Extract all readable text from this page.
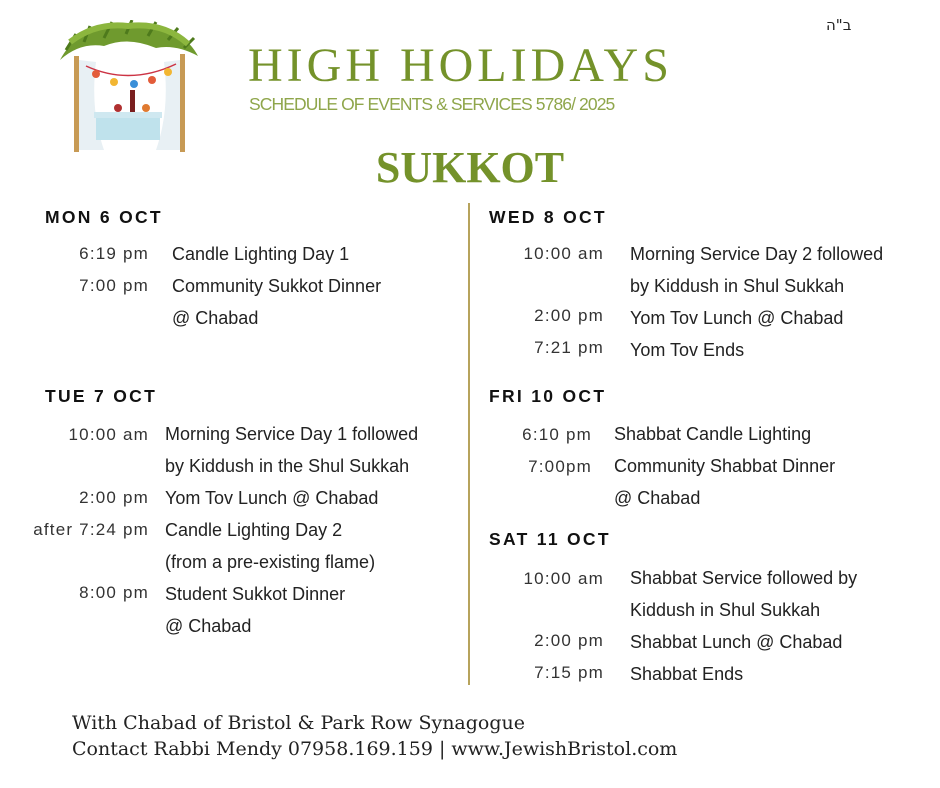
ב"ה
HIGH HOLIDAYS
SCHEDULE OF EVENTS & SERVICES 5786/ 2025
SUKKOT
MON 6 OCT
6:19 pm Candle Lighting Day 1
7:00 pm Community Sukkot Dinner
@ Chabad
TUE 7 OCT
10:00 am Morning Service Day 1 followed
by Kiddush in the Shul Sukkah
2:00 pm Yom Tov Lunch @ Chabad
after 7:24 pm Candle Lighting Day 2
(from a pre-existing flame)
8:00 pm Student Sukkot Dinner
@ Chabad
WED 8 OCT
10:00 am Morning Service Day 2 followed
by Kiddush in Shul Sukkah
2:00 pm Yom Tov Lunch @ Chabad
7:21 pm Yom Tov Ends
FRI 10 OCT
6:10 pm Shabbat Candle Lighting
7:00pm Community Shabbat Dinner
@ Chabad
SAT 11 OCT
10:00 am Shabbat Service followed by
Kiddush in Shul Sukkah
2:00 pm Shabbat Lunch @ Chabad
7:15 pm Shabbat Ends
With Chabad of Bristol & Park Row Synagogue
Contact Rabbi Mendy 07958.169.159 | www.JewishBristol.com
